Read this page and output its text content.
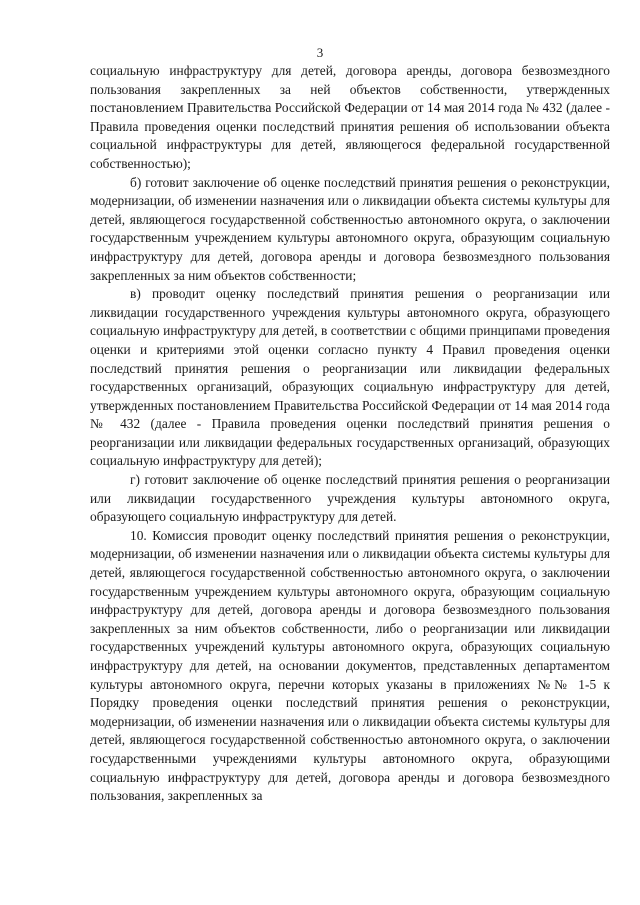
3

социальную инфраструктуру для детей, договора аренды, договора безвозмездного пользования закрепленных за ней объектов собственности, утвержденных постановлением Правительства Российской Федерации от 14 мая 2014 года № 432 (далее - Правила проведения оценки последствий принятия решения об использовании объекта социальной инфраструктуры для детей, являющегося федеральной государственной собственностью);

б) готовит заключение об оценке последствий принятия решения о реконструкции, модернизации, об изменении назначения или о ликвидации объекта системы культуры для детей, являющегося государственной собственностью автономного округа, о заключении государственным учреждением культуры автономного округа, образующим социальную инфраструктуру для детей, договора аренды и договора безвозмездного пользования закрепленных за ним объектов собственности;

в) проводит оценку последствий принятия решения о реорганизации или ликвидации государственного учреждения культуры автономного округа, образующего социальную инфраструктуру для детей, в соответствии с общими принципами проведения оценки и критериями этой оценки согласно пункту 4 Правил проведения оценки последствий принятия решения о реорганизации или ликвидации федеральных государственных организаций, образующих социальную инфраструктуру для детей, утвержденных постановлением Правительства Российской Федерации от 14 мая 2014 года № 432 (далее - Правила проведения оценки последствий принятия решения о реорганизации или ликвидации федеральных государственных организаций, образующих социальную инфраструктуру для детей);

г) готовит заключение об оценке последствий принятия решения о реорганизации или ликвидации государственного учреждения культуры автономного округа, образующего социальную инфраструктуру для детей.

10. Комиссия проводит оценку последствий принятия решения о реконструкции, модернизации, об изменении назначения или о ликвидации объекта системы культуры для детей, являющегося государственной собственностью автономного округа, о заключении государственным учреждением культуры автономного округа, образующим социальную инфраструктуру для детей, договора аренды и договора безвозмездного пользования закрепленных за ним объектов собственности, либо о реорганизации или ликвидации государственных учреждений культуры автономного округа, образующих социальную инфраструктуру для детей, на основании документов, представленных департаментом культуры автономного округа, перечни которых указаны в приложениях №№ 1-5 к Порядку проведения оценки последствий принятия решения о реконструкции, модернизации, об изменении назначения или о ликвидации объекта системы культуры для детей, являющегося государственной собственностью автономного округа, о заключении государственными учреждениями культуры автономного округа, образующими социальную инфраструктуру для детей, договора аренды и договора безвозмездного пользования, закрепленных за
